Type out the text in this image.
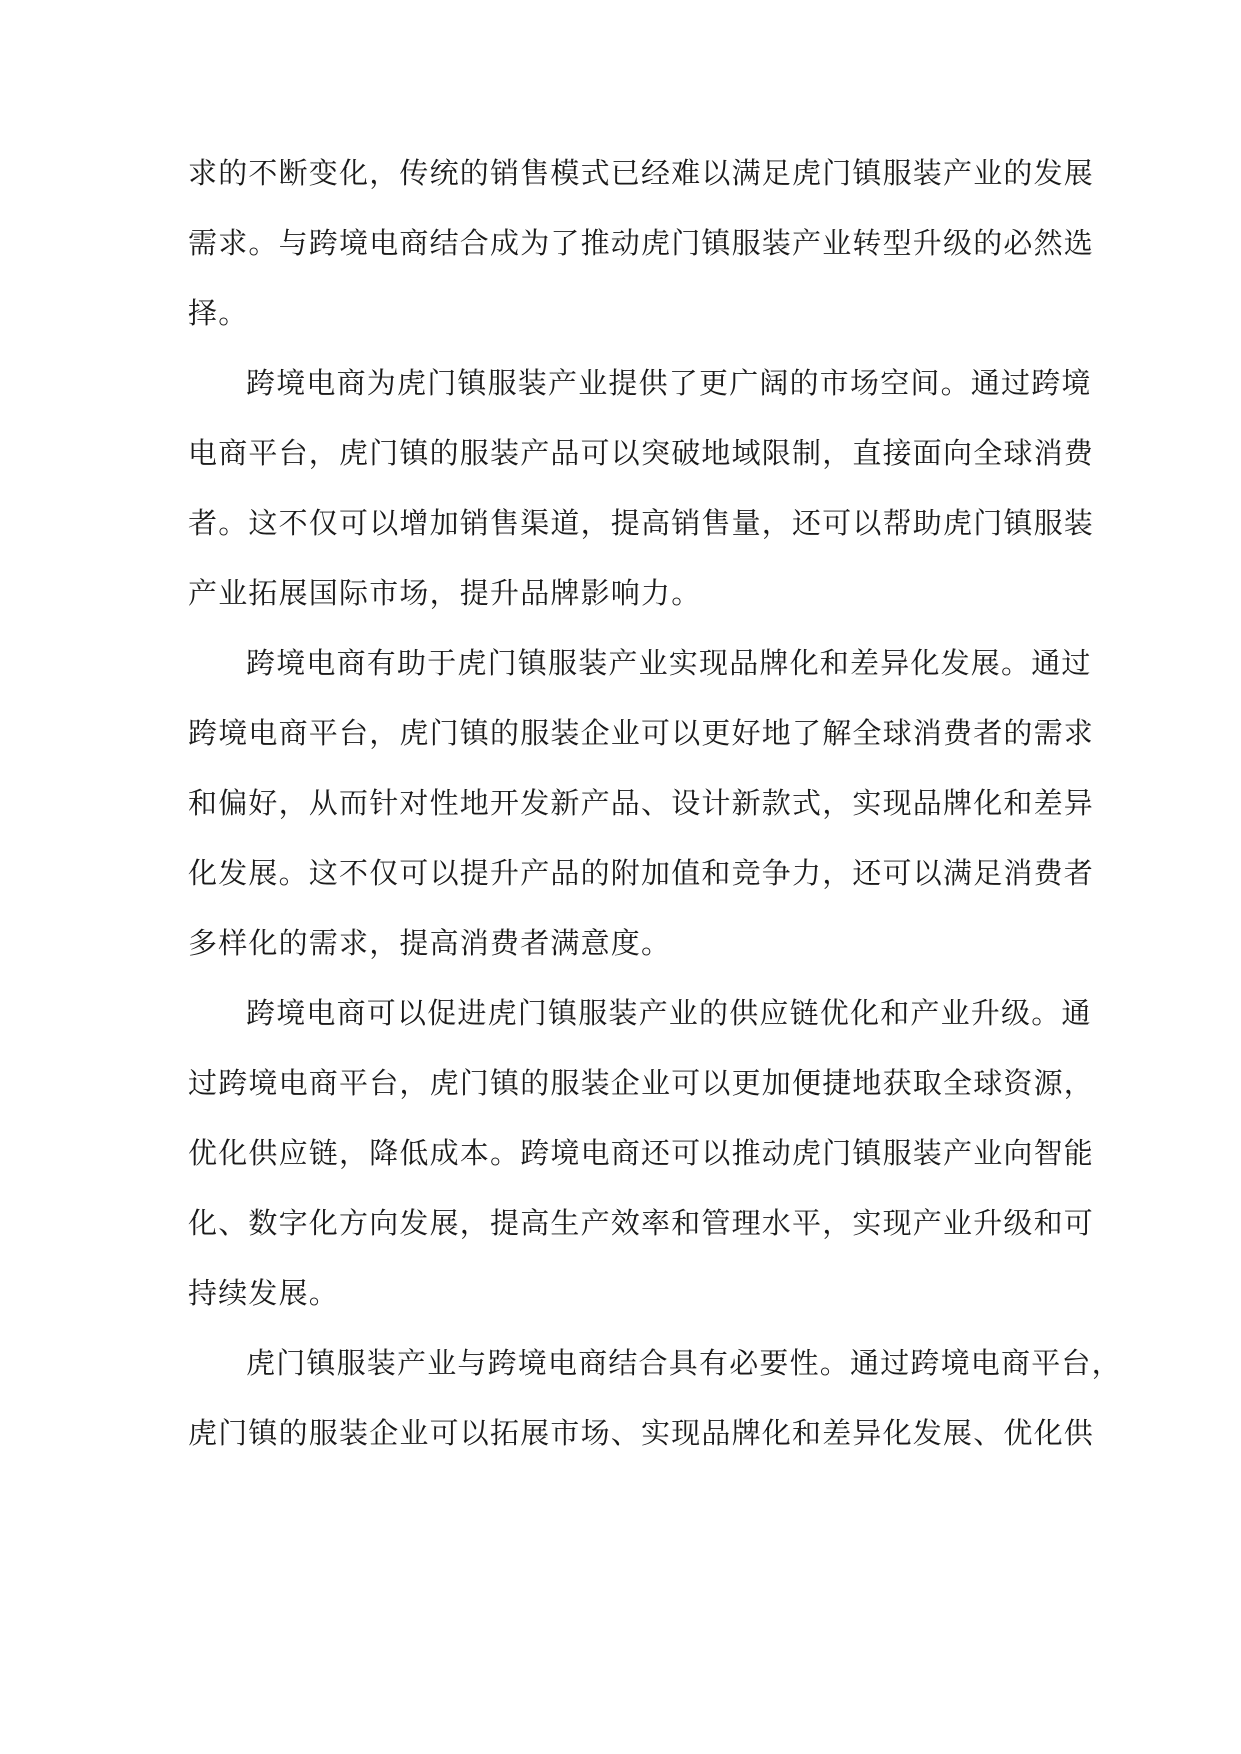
求的不断变化，传统的销售模式已经难以满足虎门镇服装产业的发展
需求。与跨境电商结合成为了推动虎门镇服装产业转型升级的必然选
择。
跨境电商为虎门镇服装产业提供了更广阔的市场空间。通过跨境
电商平台，虎门镇的服装产品可以突破地域限制，直接面向全球消费
者。这不仅可以增加销售渠道，提高销售量，还可以帮助虎门镇服装
产业拓展国际市场，提升品牌影响力。
跨境电商有助于虎门镇服装产业实现品牌化和差异化发展。通过
跨境电商平台，虎门镇的服装企业可以更好地了解全球消费者的需求
和偏好，从而针对性地开发新产品、设计新款式，实现品牌化和差异
化发展。这不仅可以提升产品的附加值和竞争力，还可以满足消费者
多样化的需求，提高消费者满意度。
跨境电商可以促进虎门镇服装产业的供应链优化和产业升级。通
过跨境电商平台，虎门镇的服装企业可以更加便捷地获取全球资源，
优化供应链，降低成本。跨境电商还可以推动虎门镇服装产业向智能
化、数字化方向发展，提高生产效率和管理水平，实现产业升级和可
持续发展。
虎门镇服装产业与跨境电商结合具有必要性。通过跨境电商平台，
虎门镇的服装企业可以拓展市场、实现品牌化和差异化发展、优化供
